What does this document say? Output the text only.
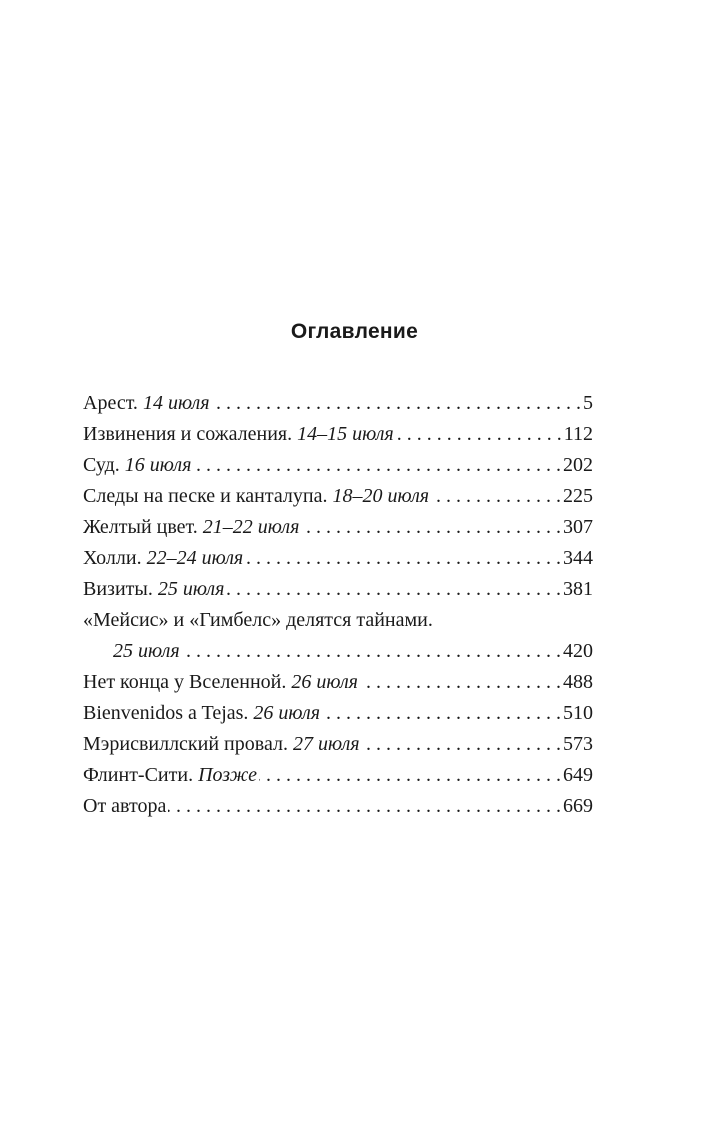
Оглавление
Арест. 14 июля . . .	5
Извинения и сожаления. 14–15 июля . . .	112
Суд. 16 июля . . .	202
Следы на песке и канталупа. 18–20 июля . . .	225
Желтый цвет. 21–22 июля . . .	307
Холли. 22–24 июля . . .	344
Визиты. 25 июля . . .	381
«Мейсис» и «Гимбелс» делятся тайнами.
25 июля . . .	420
Нет конца у Вселенной. 26 июля . . .	488
Bienvenidos a Tejas. 26 июля . . .	510
Мэрисвиллский провал. 27 июля . . .	573
Флинт-Сити. Позже . . .	649
От автора . . .	669
